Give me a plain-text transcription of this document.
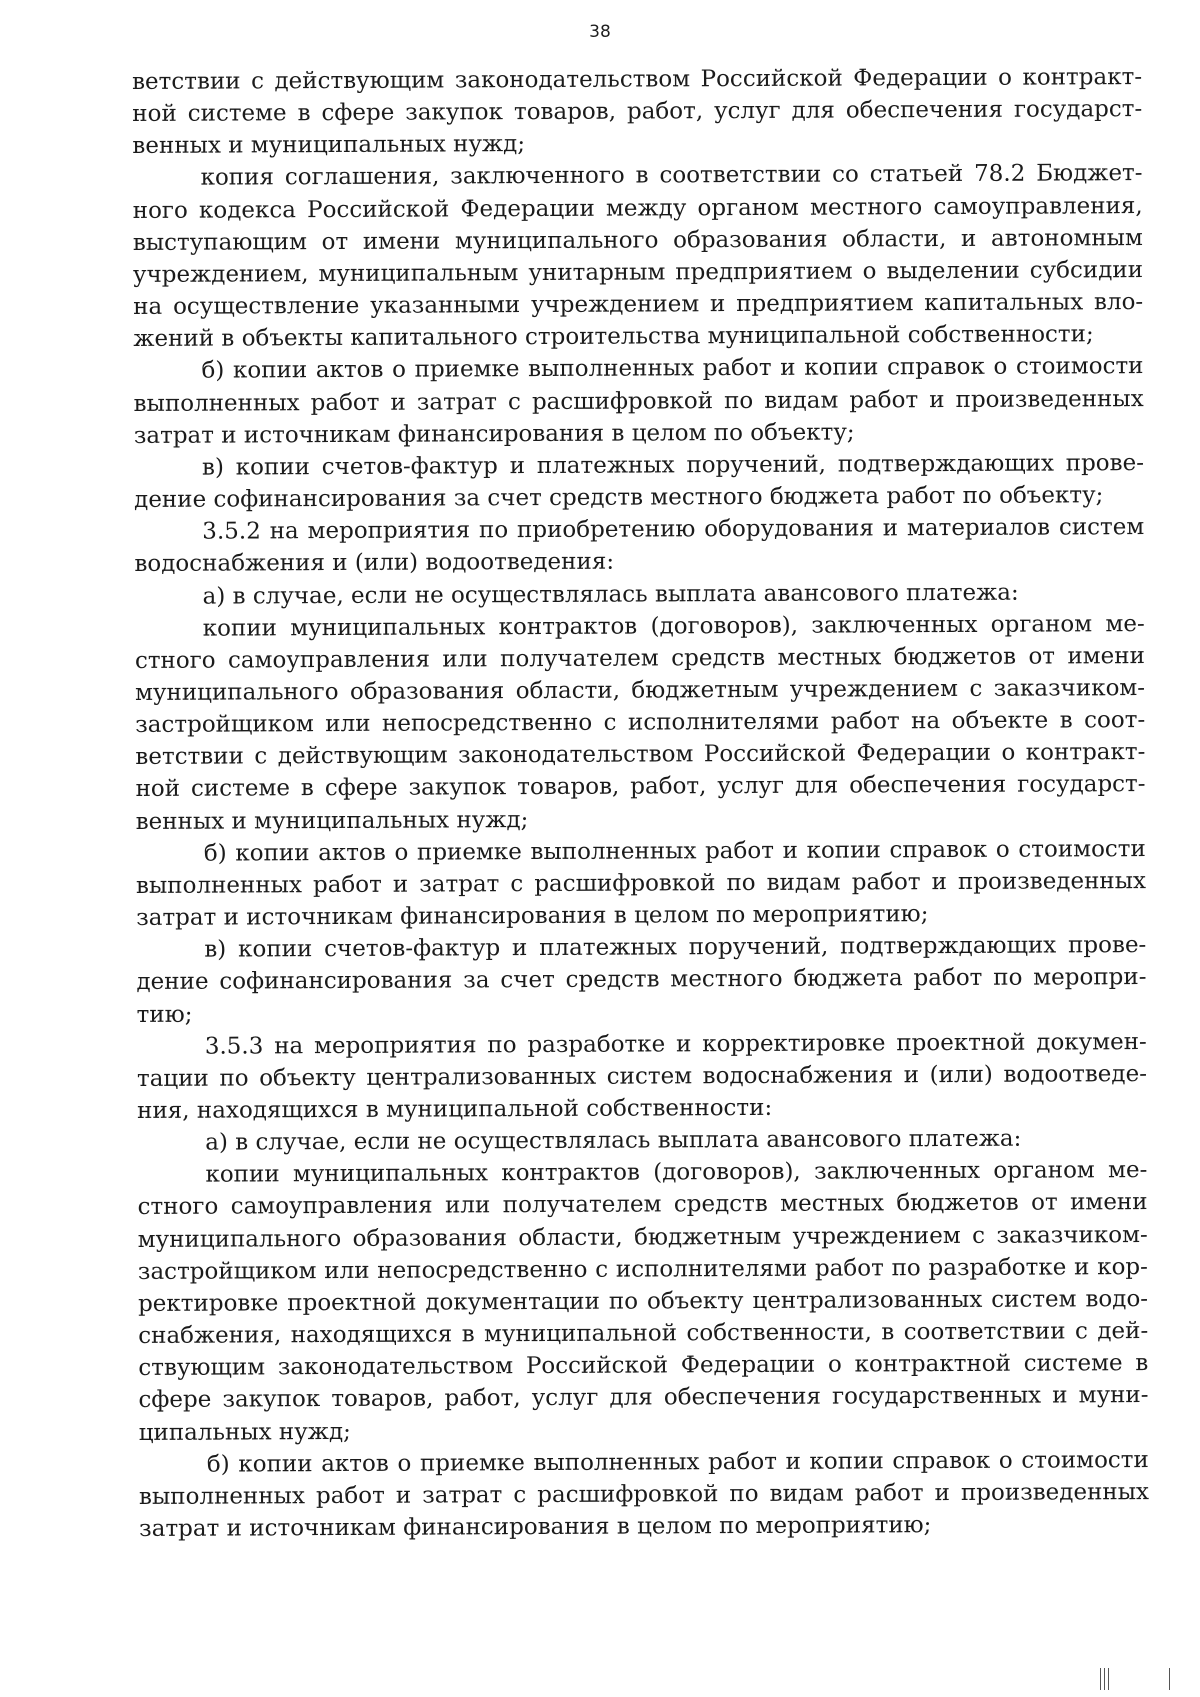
38

ветствии с действующим законодательством Российской Федерации о контракт-
ной системе в сфере закупок товаров, работ, услуг для обеспечения государст-
венных и муниципальных нужд;
копия соглашения, заключенного в соответствии со статьей 78.2 Бюджет-
ного кодекса Российской Федерации между органом местного самоуправления,
выступающим от имени муниципального образования области, и автономным
учреждением, муниципальным унитарным предприятием о выделении субсидии
на осуществление указанными учреждением и предприятием капитальных вло-
жений в объекты капитального строительства муниципальной собственности;
б) копии актов о приемке выполненных работ и копии справок о стоимости
выполненных работ и затрат с расшифровкой по видам работ и произведенных
затрат и источникам финансирования в целом по объекту;
в) копии счетов-фактур и платежных поручений, подтверждающих прове-
дение софинансирования за счет средств местного бюджета работ по объекту;
3.5.2 на мероприятия по приобретению оборудования и материалов систем
водоснабжения и (или) водоотведения:
а) в случае, если не осуществлялась выплата авансового платежа:
копии муниципальных контрактов (договоров), заключенных органом ме-
стного самоуправления или получателем средств местных бюджетов от имени
муниципального образования области, бюджетным учреждением с заказчиком-
застройщиком или непосредственно с исполнителями работ на объекте в соот-
ветствии с действующим законодательством Российской Федерации о контракт-
ной системе в сфере закупок товаров, работ, услуг для обеспечения государст-
венных и муниципальных нужд;
б) копии актов о приемке выполненных работ и копии справок о стоимости
выполненных работ и затрат с расшифровкой по видам работ и произведенных
затрат и источникам финансирования в целом по мероприятию;
в) копии счетов-фактур и платежных поручений, подтверждающих прове-
дение софинансирования за счет средств местного бюджета работ по меропри-
тию;
3.5.3 на мероприятия по разработке и корректировке проектной докумен-
тации по объекту централизованных систем водоснабжения и (или) водоотведе-
ния, находящихся в муниципальной собственности:
а) в случае, если не осуществлялась выплата авансового платежа:
копии муниципальных контрактов (договоров), заключенных органом ме-
стного самоуправления или получателем средств местных бюджетов от имени
муниципального образования области, бюджетным учреждением с заказчиком-
застройщиком или непосредственно с исполнителями работ по разработке и кор-
ректировке проектной документации по объекту централизованных систем водо-
снабжения, находящихся в муниципальной собственности, в соответствии с дей-
ствующим законодательством Российской Федерации о контрактной системе в
сфере закупок товаров, работ, услуг для обеспечения государственных и муни-
ципальных нужд;
б) копии актов о приемке выполненных работ и копии справок о стоимости
выполненных работ и затрат с расшифровкой по видам работ и произведенных
затрат и источникам финансирования в целом по мероприятию;
